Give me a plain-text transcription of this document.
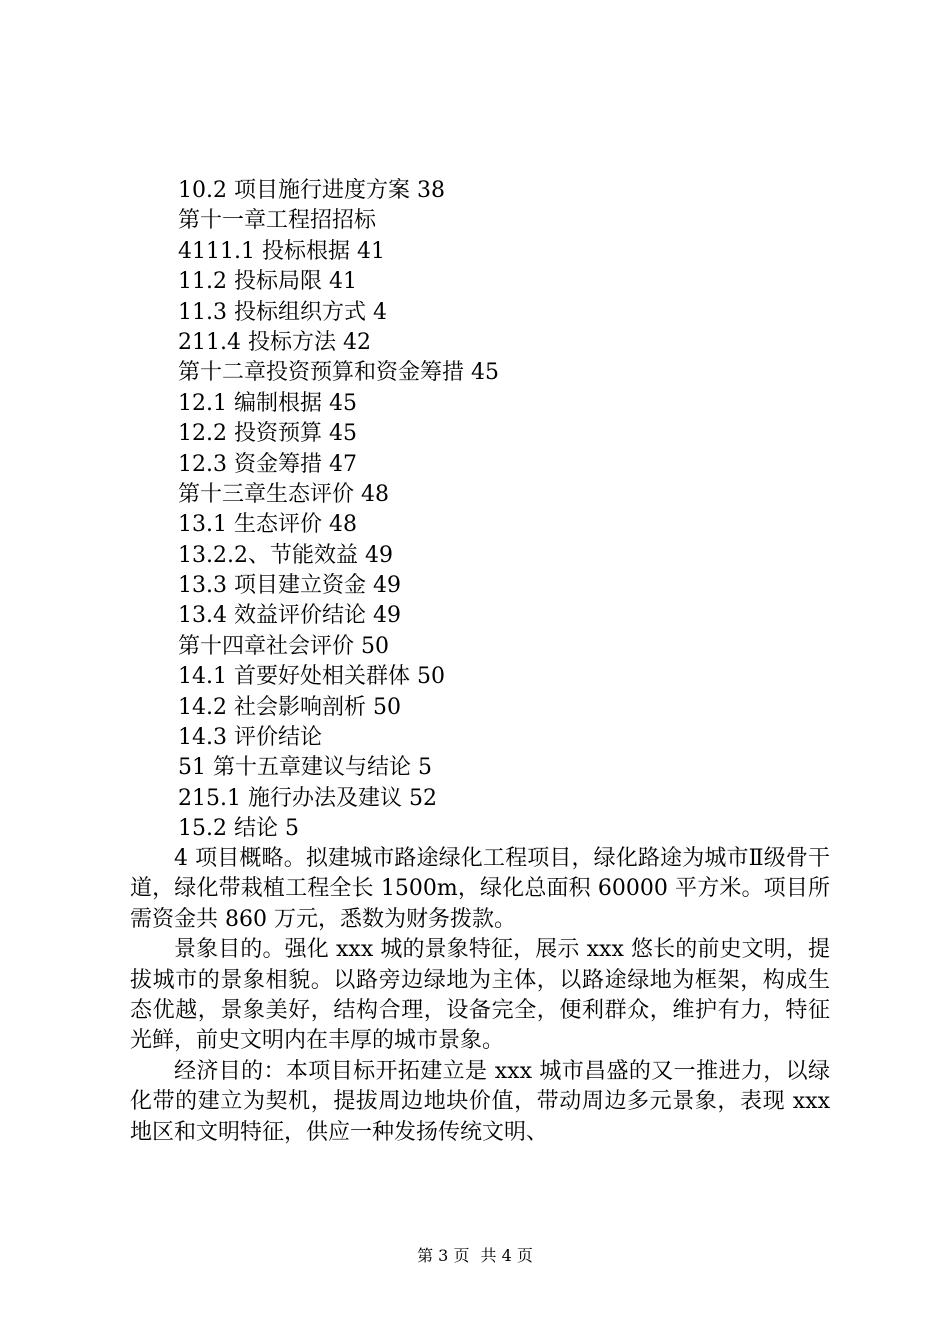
10.2 项目施行进度方案 38
第十一章工程招招标
4111.1 投标根据 41
11.2 投标局限 41
11.3 投标组织方式 4
211.4 投标方法 42
第十二章投资预算和资金筹措 45
12.1 编制根据 45
12.2 投资预算 45
12.3 资金筹措 47
第十三章生态评价 48
13.1 生态评价 48
13.2.2、节能效益 49
13.3 项目建立资金 49
13.4 效益评价结论 49
第十四章社会评价 50
14.1 首要好处相关群体 50
14.2 社会影响剖析 50
14.3 评价结论
51 第十五章建议与结论 5
215.1 施行办法及建议 52
15.2 结论 5

4 项目概略。拟建城市路途绿化工程项目，绿化路途为城市Ⅱ级骨干道，绿化带栽植工程全长 1500m，绿化总面积 60000 平方米。项目所需资金共 860 万元，悉数为财务拨款。

景象目的。强化 xxx 城的景象特征，展示 xxx 悠长的前史文明，提拔城市的景象相貌。以路旁边绿地为主体，以路途绿地为框架，构成生态优越，景象美好，结构合理，设备完全，便利群众，维护有力，特征光鲜，前史文明内在丰厚的城市景象。

经济目的：本项目标开拓建立是 xxx 城市昌盛的又一推进力，以绿化带的建立为契机，提拔周边地块价值，带动周边多元景象，表现 xxx 地区和文明特征，供应一种发扬传统文明、

第 3 页 共 4 页
